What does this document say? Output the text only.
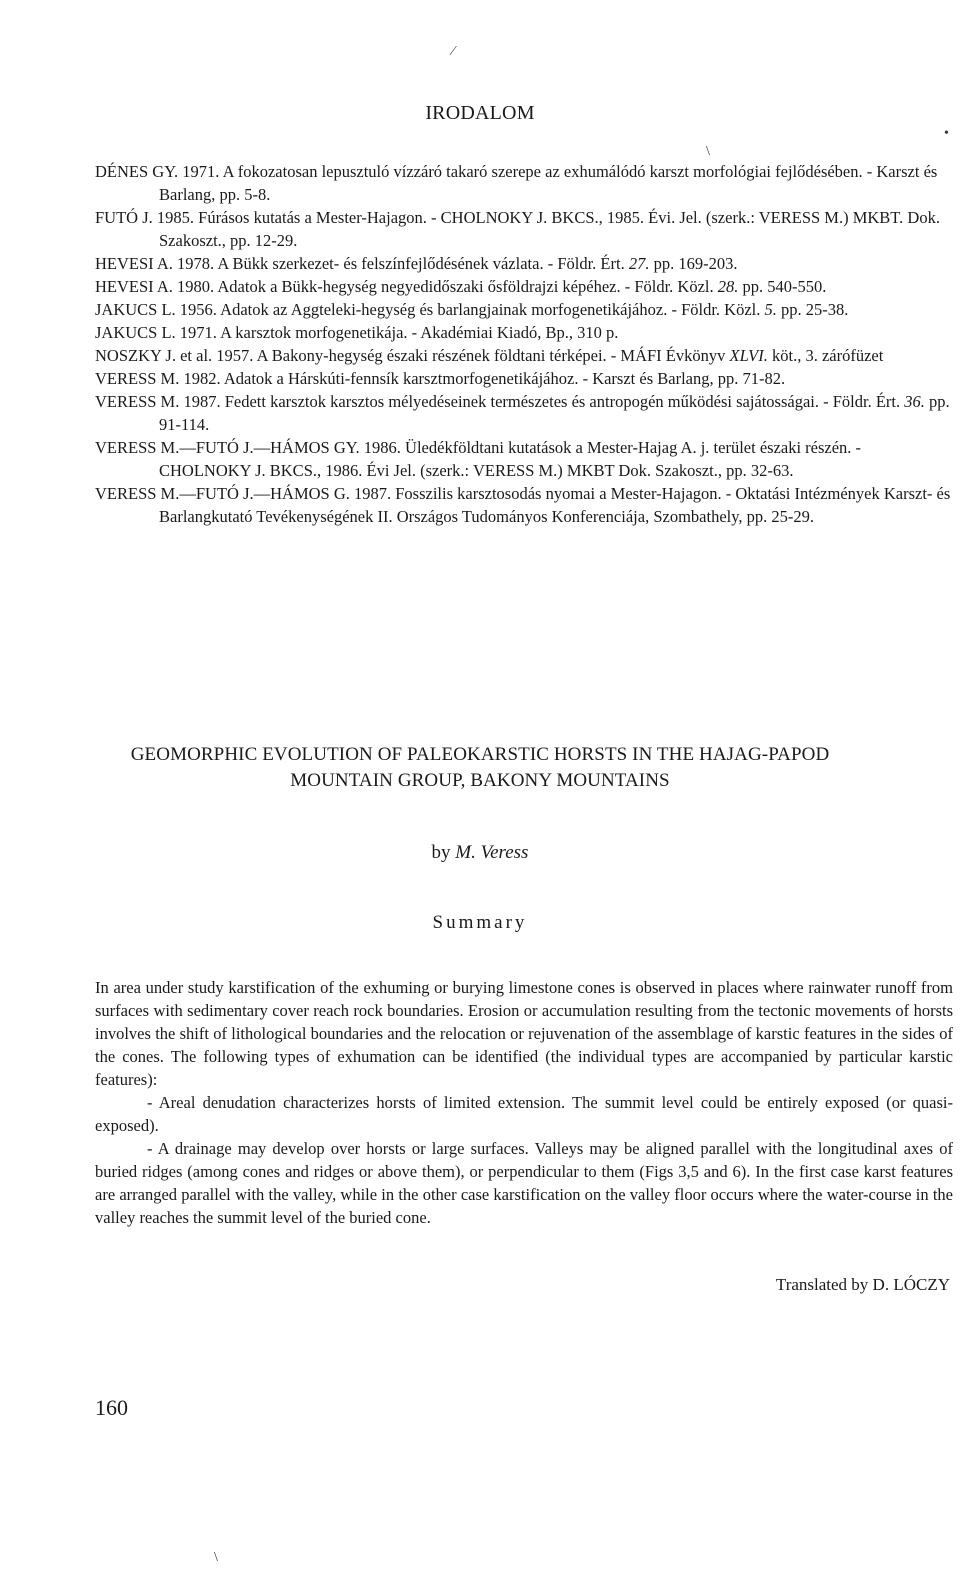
⁄
•
\
IRODALOM

DÉNES GY. 1971. A fokozatosan lepusztuló vízzáró takaró szerepe az exhumálódó karszt morfológiai fejlődésében. - Karszt és Barlang, pp. 5-8.

FUTÓ J. 1985. Fúrásos kutatás a Mester-Hajagon. - CHOLNOKY J. BKCS., 1985. Évi. Jel. (szerk.: VERESS M.) MKBT. Dok. Szakoszt., pp. 12-29.

HEVESI A. 1978. A Bükk szerkezet- és felszínfejlődésének vázlata. - Földr. Ért. 27. pp. 169-203.

HEVESI A. 1980. Adatok a Bükk-hegység negyedidőszaki ősföldrajzi képéhez. - Földr. Közl. 28. pp. 540-550.

JAKUCS L. 1956. Adatok az Aggteleki-hegység és barlangjainak morfogenetikájához. - Földr. Közl. 5. pp. 25-38.

JAKUCS L. 1971. A karsztok morfogenetikája. - Akadémiai Kiadó, Bp., 310 p.

NOSZKY J. et al. 1957. A Bakony-hegység északi részének földtani térképei. - MÁFI Évkönyv XLVI. köt., 3. zárófüzet

VERESS M. 1982. Adatok a Hárskúti-fennsík karsztmorfogenetikájához. - Karszt és Barlang, pp. 71-82.

VERESS M. 1987. Fedett karsztok karsztos mélyedéseinek természetes és antropogén működési sajátosságai. - Földr. Ért. 36. pp. 91-114.

VERESS M.—FUTÓ J.—HÁMOS GY. 1986. Üledékföldtani kutatások a Mester-Hajag A. j. terület északi részén. - CHOLNOKY J. BKCS., 1986. Évi Jel. (szerk.: VERESS M.) MKBT Dok. Szakoszt., pp. 32-63.

VERESS M.—FUTÓ J.—HÁMOS G. 1987. Fosszilis karsztosodás nyomai a Mester-Hajagon. - Oktatási Intézmények Karszt- és Barlangkutató Tevékenységének II. Országos Tudományos Konferenciája, Szombathely, pp. 25-29.

GEOMORPHIC EVOLUTION OF PALEOKARSTIC HORSTS IN THE HAJAG-PAPOD
MOUNTAIN GROUP, BAKONY MOUNTAINS
by M. Veress
Summary

In area under study karstification of the exhuming or burying limestone cones is observed in places where rainwater runoff from surfaces with sedimentary cover reach rock boundaries. Erosion or accumulation resulting from the tectonic movements of horsts involves the shift of lithological boundaries and the relocation or rejuvenation of the assemblage of karstic features in the sides of the cones. The following types of exhumation can be identified (the individual types are accompanied by particular karstic features):

- Areal denudation characterizes horsts of limited extension. The summit level could be entirely exposed (or quasi-exposed).

- A drainage may develop over horsts or large surfaces. Valleys may be aligned parallel with the longitudinal axes of buried ridges (among cones and ridges or above them), or perpendicular to them (Figs 3,5 and 6). In the first case karst features are arranged parallel with the valley, while in the other case karstification on the valley floor occurs where the water-course in the valley reaches the summit level of the buried cone.

Translated by D. LÓCZY
160
\
